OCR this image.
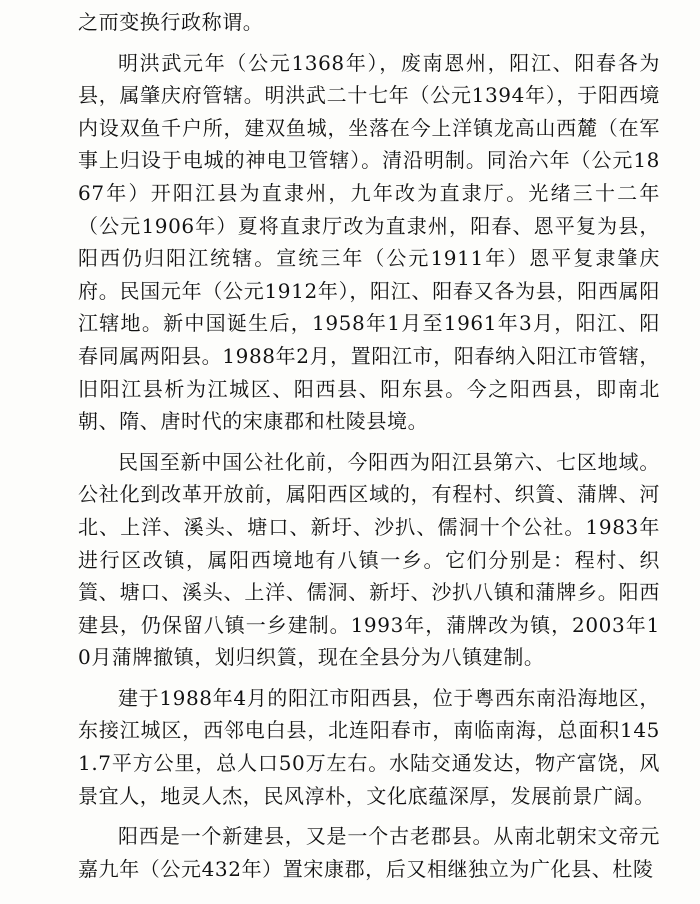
之而变换行政称谓。

明洪武元年（公元1368年），废南恩州，阳江、阳春各为县，属肇庆府管辖。明洪武二十七年（公元1394年），于阳西境内设双鱼千户所，建双鱼城，坐落在今上洋镇龙高山西麓（在军事上归设于电城的神电卫管辖）。清沿明制。同治六年（公元1867年）开阳江县为直隶州，九年改为直隶厅。光绪三十二年（公元1906年）夏将直隶厅改为直隶州，阳春、恩平复为县，阳西仍归阳江统辖。宣统三年（公元1911年）恩平复隶肇庆府。民国元年（公元1912年），阳江、阳春又各为县，阳西属阳江辖地。新中国诞生后，1958年1月至1961年3月，阳江、阳春同属两阳县。1988年2月，置阳江市，阳春纳入阳江市管辖，旧阳江县析为江城区、阳西县、阳东县。今之阳西县，即南北朝、隋、唐时代的宋康郡和杜陵县境。

民国至新中国公社化前，今阳西为阳江县第六、七区地域。公社化到改革开放前，属阳西区域的，有程村、织篢、蒲牌、河北、上洋、溪头、塘口、新圩、沙扒、儒洞十个公社。1983年进行区改镇，属阳西境地有八镇一乡。它们分别是：程村、织篢、塘口、溪头、上洋、儒洞、新圩、沙扒八镇和蒲牌乡。阳西建县，仍保留八镇一乡建制。1993年，蒲牌改为镇，2003年10月蒲牌撤镇，划归织篢，现在全县分为八镇建制。

建于1988年4月的阳江市阳西县，位于粤西东南沿海地区，东接江城区，西邻电白县，北连阳春市，南临南海，总面积1451.7平方公里，总人口50万左右。水陆交通发达，物产富饶，风景宜人，地灵人杰，民风淳朴，文化底蕴深厚，发展前景广阔。

阳西是一个新建县，又是一个古老郡县。从南北朝宋文帝元嘉九年（公元432年）置宋康郡，后又相继独立为广化县、杜陵
